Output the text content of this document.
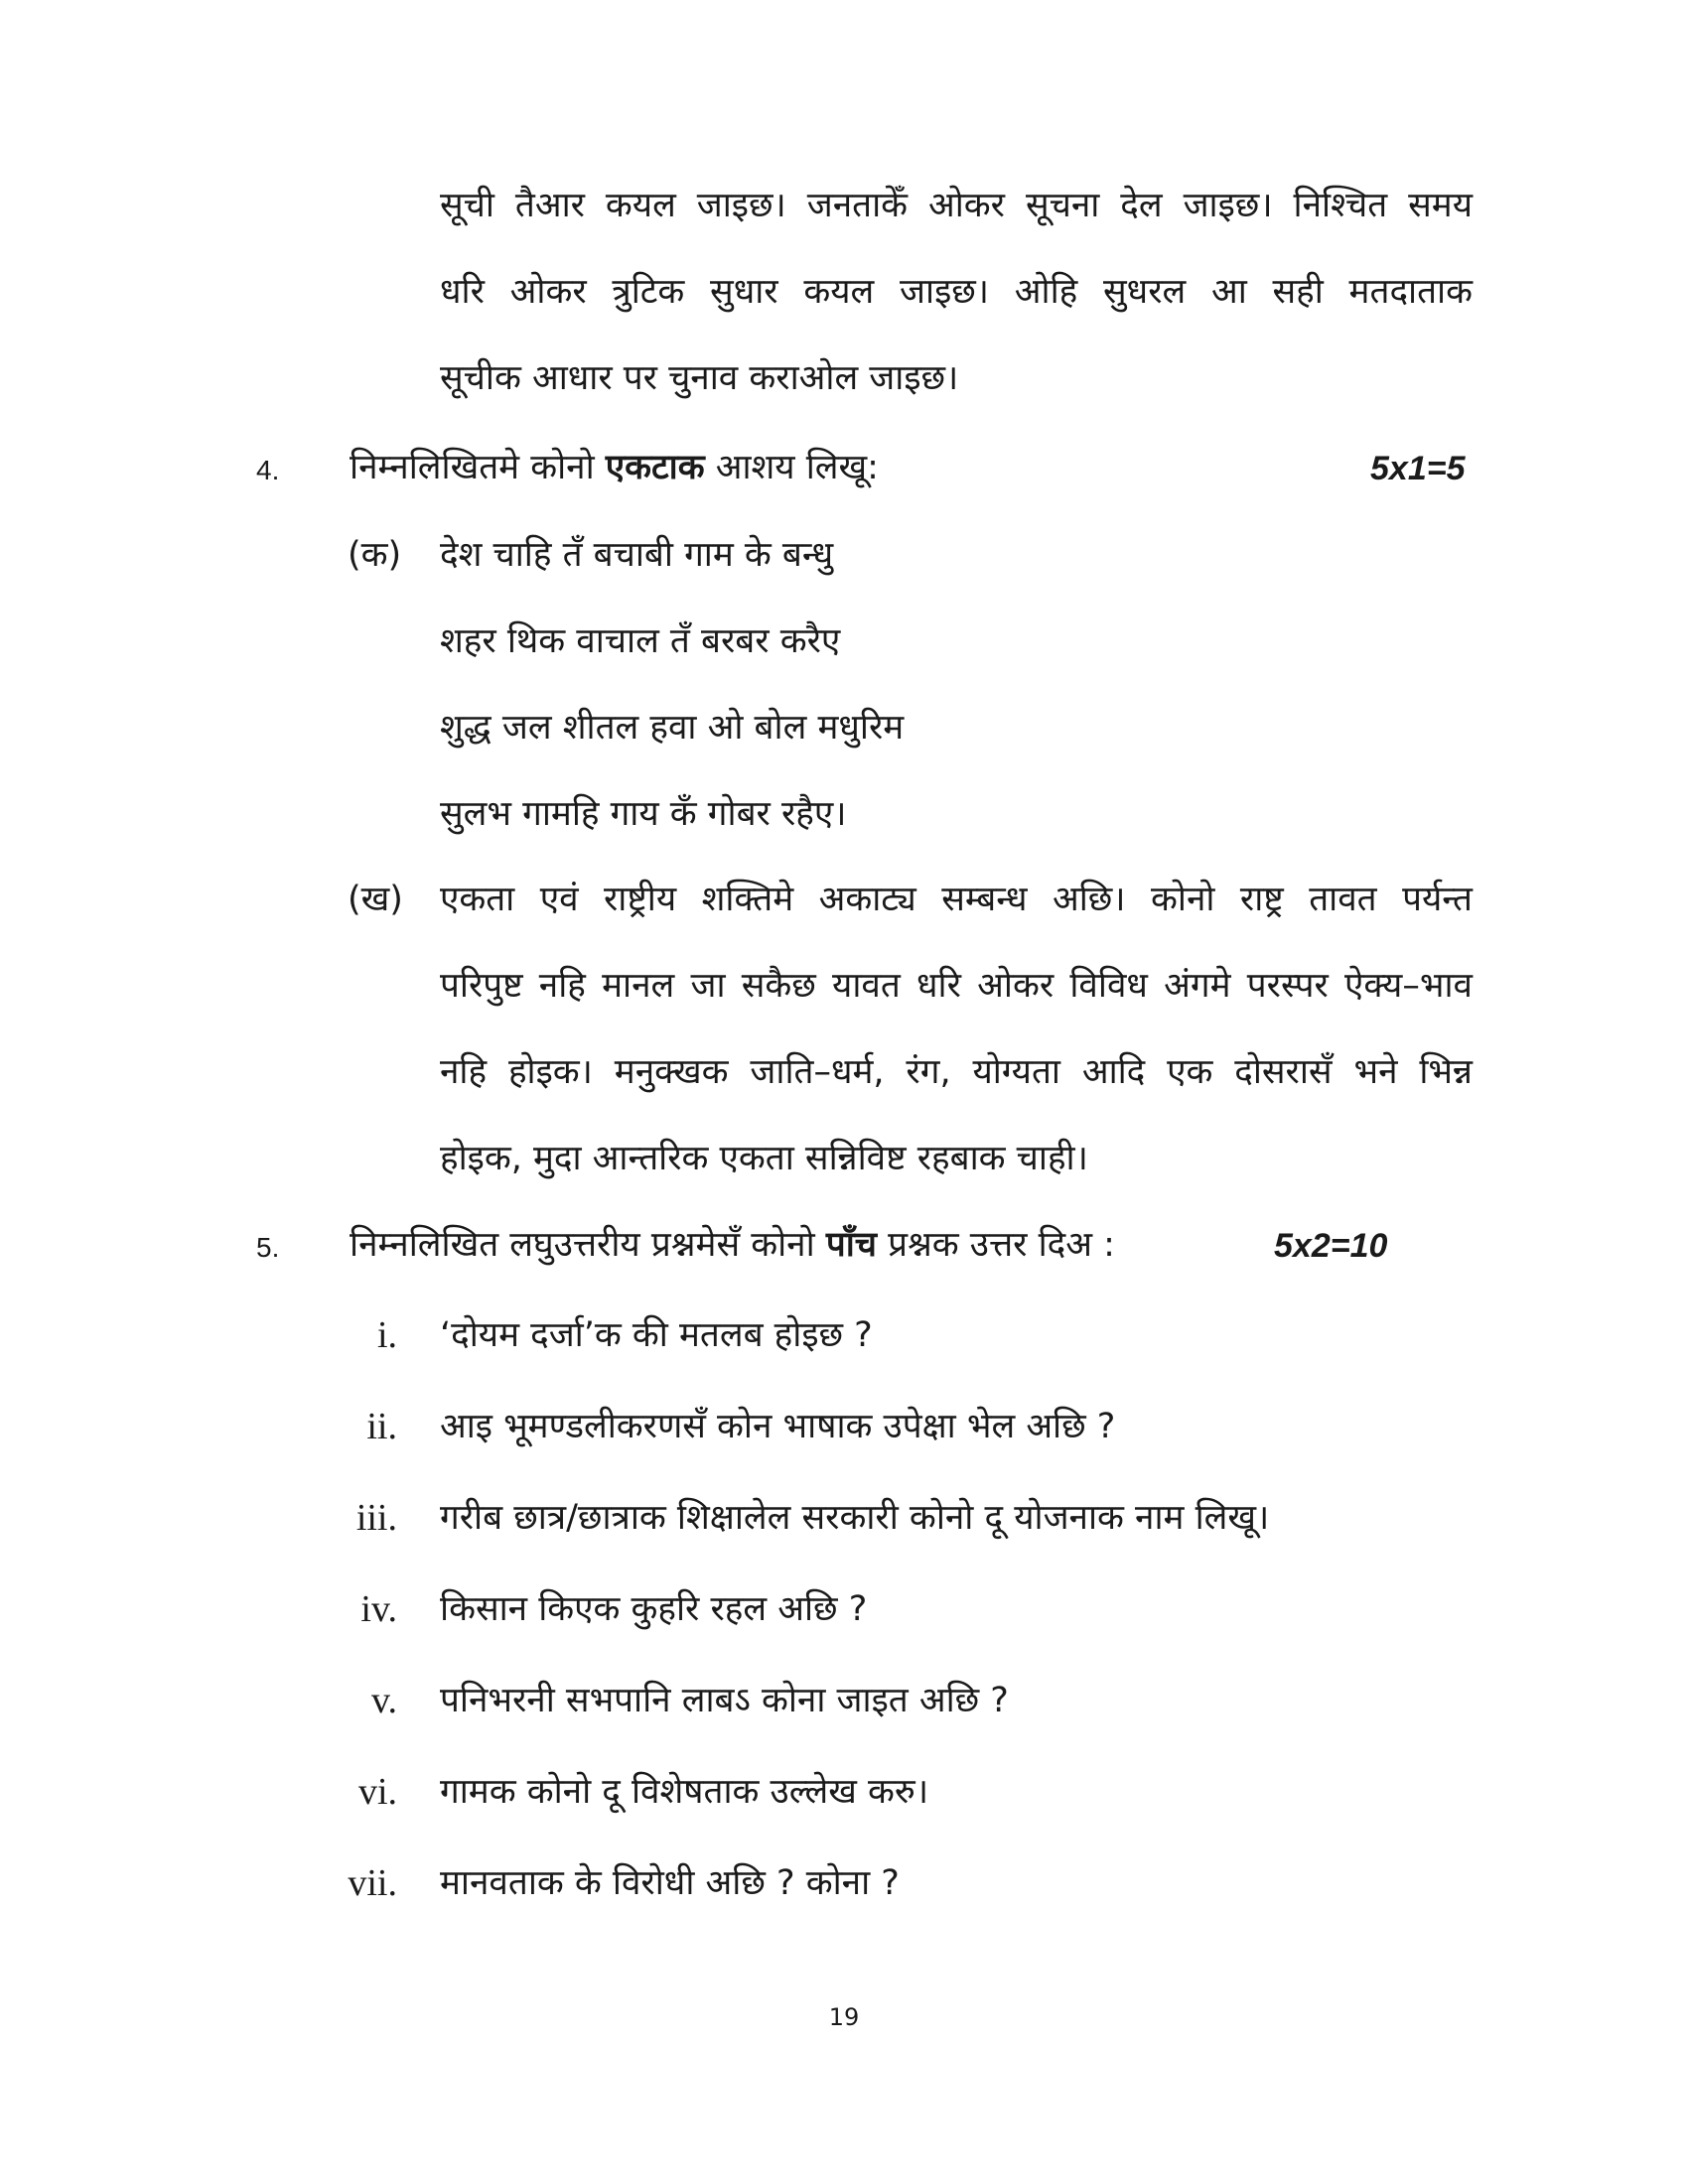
सूची तैआर कयल जाइछ। जनताकेँ ओकर सूचना देल जाइछ। निश्चित समय
धरि ओकर त्रुटिक सुधार कयल जाइछ। ओहि सुधरल आ सही मतदाताक
सूचीक आधार पर चुनाव कराओल जाइछ।
4. निम्नलिखितमे कोनो एकटाक आशय लिखू:	5x1=5
(क) देश चाहि तँ बचाबी गाम के बन्धु
शहर थिक वाचाल तँ बरबर करैए
शुद्ध जल शीतल हवा ओ बोल मधुरिम
सुलभ गामहि गाय कँ गोबर रहैए।
(ख) एकता एवं राष्ट्रीय शक्तिमे अकाट्य सम्बन्ध अछि। कोनो राष्ट्र तावत पर्यन्त
परिपुष्ट नहि मानल जा सकैछ यावत धरि ओकर विविध अंगमे परस्पर ऐक्य–भाव
नहि होइक। मनुक्खक जाति–धर्म, रंग, योग्यता आदि एक दोसरासँ भने भिन्न
होइक, मुदा आन्तरिक एकता सन्निविष्ट रहबाक चाही।
5. निम्नलिखित लघुउत्तरीय प्रश्नमेसँ कोनो पाँच प्रश्नक उत्तर दिअ :	5x2=10
i. ‘दोयम दर्जा’क की मतलब होइछ ?
ii. आइ भूमण्डलीकरणसँ कोन भाषाक उपेक्षा भेल अछि ?
iii. गरीब छात्र/छात्राक शिक्षालेल सरकारी कोनो दू योजनाक नाम लिखू।
iv. किसान किएक कुहरि रहल अछि ?
v. पनिभरनी सभपानि लाबऽ कोना जाइत अछि ?
vi. गामक कोनो दू विशेषताक उल्लेख करु।
vii. मानवताक के विरोधी अछि ? कोना ?
19
